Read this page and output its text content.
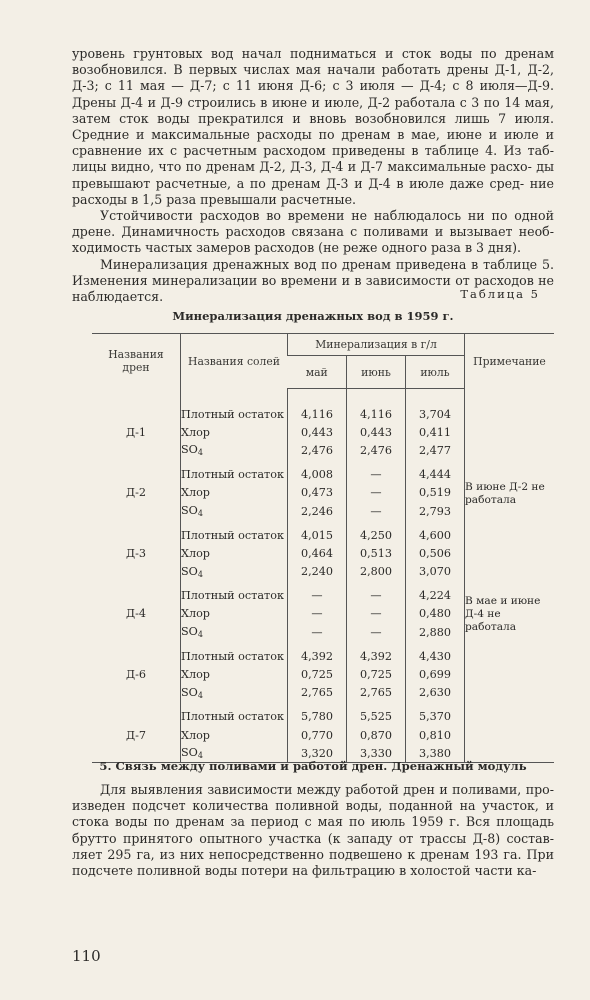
уровень грунтовых вод начал подниматься и сток воды по дренам возобновился. В первых числах мая начали работать дрены Д-1, Д-2, Д-3; с 11 мая — Д-7; с 11 июня Д-6; с 3 июля — Д-4; с 8 июля—Д-9. Дрены Д-4 и Д-9 строились в июне и июле, Д-2 работала с 3 по 14 мая, затем сток воды прекратился и вновь возобновился лишь 7 июля. Средние и максимальные расходы по дренам в мае, июне и июле и сравнение их с расчетным расходом приведены в таблице 4. Из таб- лицы видно, что по дренам Д-2, Д-3, Д-4 и Д-7 максимальные расхо- ды превышают расчетные, а по дренам Д-3 и Д-4 в июле даже сред- ние расходы в 1,5 раза превышали расчетные.

Устойчивости расходов во времени не наблюдалось ни по одной дрене. Динамичность расходов связана с поливами и вызывает необ- ходимость частых замеров расходов (не реже одного раза в 3 дня).

Минерализация дренажных вод по дренам приведена в таблице 5. Изменения минерализации во времени и в зависимости от расходов не наблюдается.	Таблица 5
Минерализация дренажных вод в 1959 г.
Названия дрен	Названия солей	Минерализация в г/л			Примечание
		май	июнь	июль	

	Плотный остаток	4,116	4,116	3,704	
Д-1	Хлор	0,443	0,443	0,411	
	$SO_4$	2,476	2,476	2,477	
	Плотный остаток	4,008	—	4,444	В июне Д-2 не работала
Д-2	Хлор	0,473	—	0,519	
	$SO_4$	2,246	—	2,793	
	Плотный остаток	4,015	4,250	4,600	
Д-3	Хлор	0,464	0,513	0,506	
	$SO_4$	2,240	2,800	3,070	
	Плотный остаток	—	—	4,224	В мае и июне Д-4 не работала
Д-4	Хлор	—	—	0,480	
	$SO_4$	—	—	2,880	
	Плотный остаток	4,392	4,392	4,430	
Д-6	Хлор	0,725	0,725	0,699	
	$SO_4$	2,765	2,765	2,630	
	Плотный остаток	5,780	5,525	5,370	
Д-7	Хлор	0,770	0,870	0,810	
	$SO_4$	3,320	3,330	3,380	
5. Связь между поливами и работой дрен. Дренажный модуль

Для выявления зависимости между работой дрен и поливами, про- изведен подсчет количества поливной воды, поданной на участок, и стока воды по дренам за период с мая по июль 1959 г. Вся площадь брутто принятого опытного участка (к западу от трассы Д-8) состав- ляет 295 га, из них непосредственно подвешено к дренам 193 га. При подсчете поливной воды потери на фильтрацию в холостой части ка-

110
